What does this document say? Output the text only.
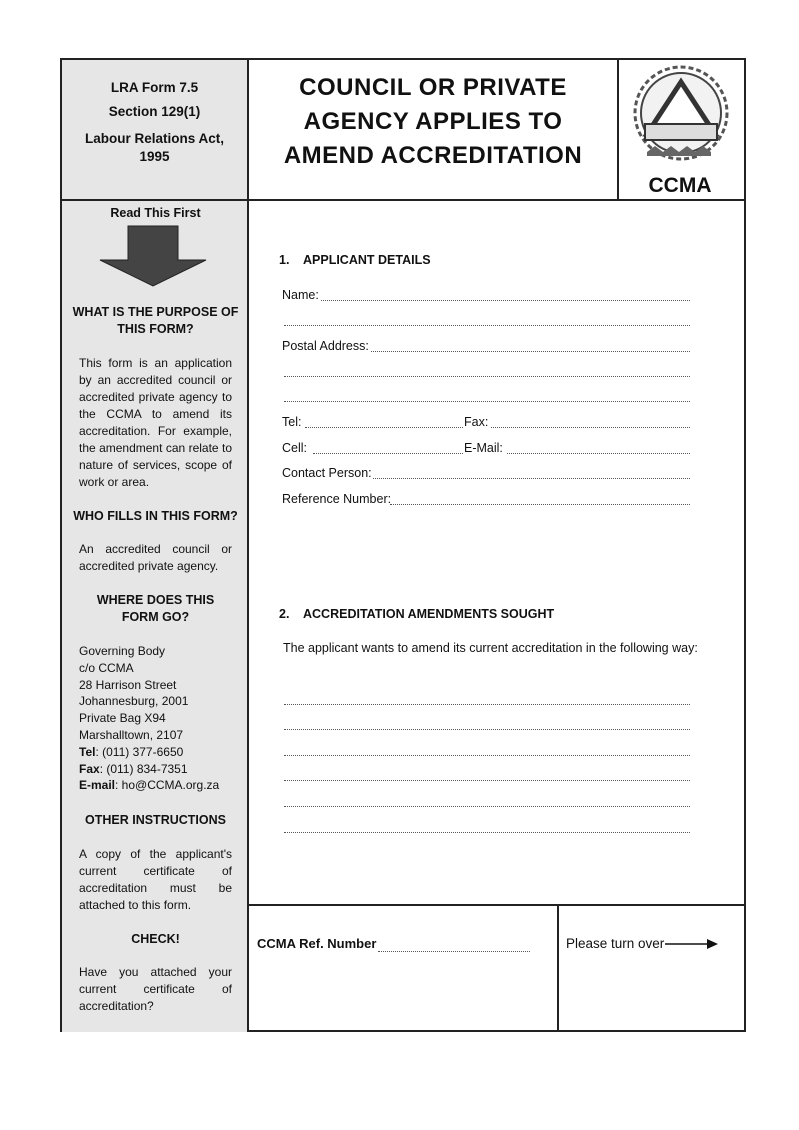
LRA Form 7.5
Section 129(1)
Labour Relations Act,
1995
COUNCIL OR PRIVATE
AGENCY APPLIES TO
AMEND ACCREDITATION
CCMA
Read This First
WHAT IS THE PURPOSE OF
THIS FORM?
This form is an application by an accredited council or accredited private agency to the CCMA to amend its accreditation. For example, the amendment can relate to nature of services, scope of work or area.
WHO FILLS IN THIS FORM?
An accredited council or accredited private agency.
WHERE DOES THIS
FORM GO?
Governing Body
c/o CCMA
28 Harrison Street
Johannesburg, 2001
Private Bag X94
Marshalltown, 2107
Tel: (011) 377-6650
Fax: (011) 834-7351
E-mail: ho@CCMA.org.za
OTHER INSTRUCTIONS
A copy of the applicant's current certificate of accreditation must be attached to this form.
CHECK!
Have you attached your current certificate of accreditation?
1. APPLICANT DETAILS
Name:
Postal Address:
Tel:	Fax:
Cell:	E-Mail:
Contact Person:
Reference Number:
2. ACCREDITATION AMENDMENTS SOUGHT
The applicant wants to amend its current accreditation in the following way:
CCMA Ref. Number	Please turn over
